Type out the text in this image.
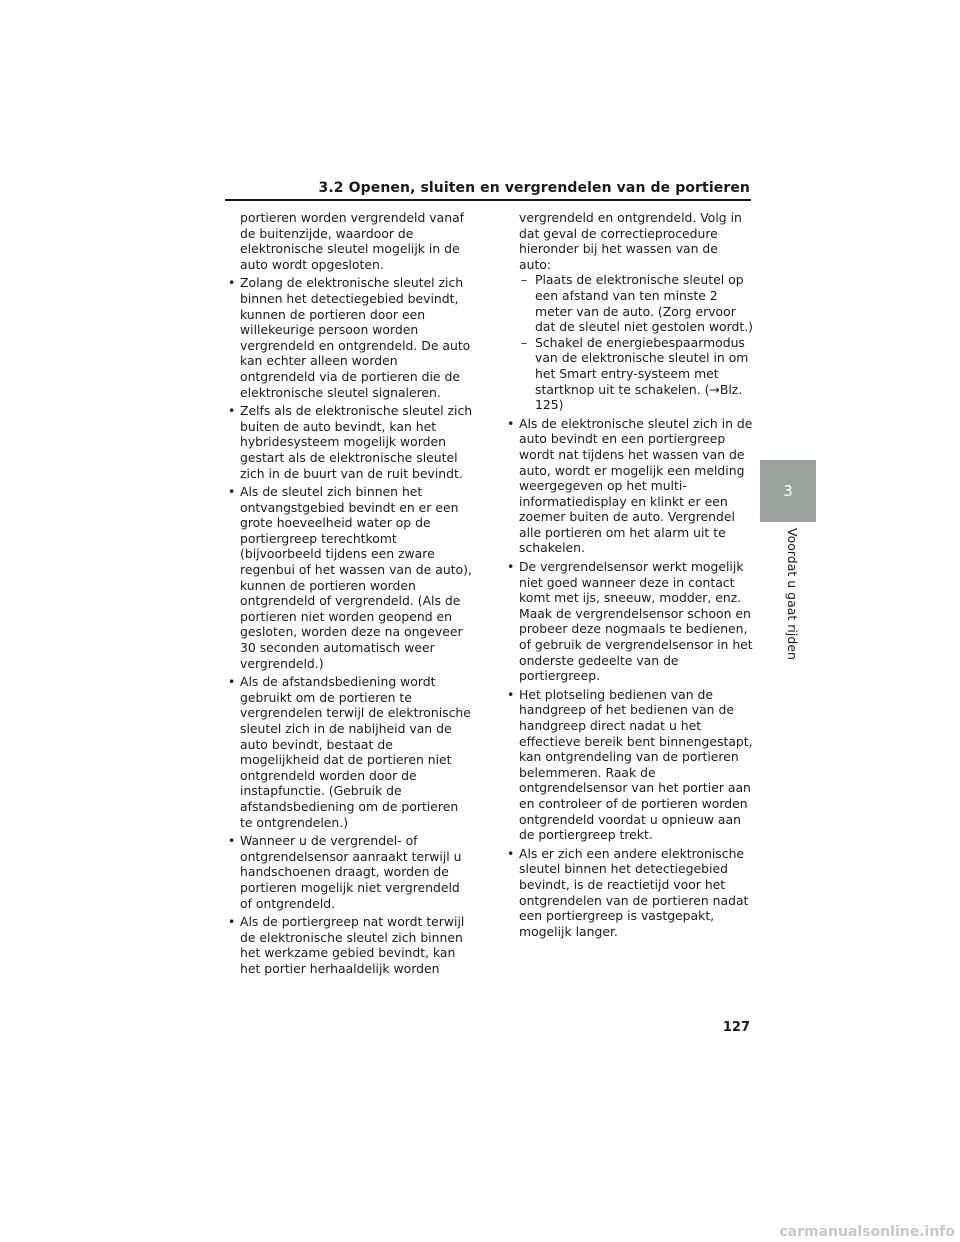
3.2 Openen, sluiten en vergrendelen van de portieren

portieren worden vergrendeld vanaf de buitenzijde, waardoor de elektronische sleutel mogelijk in de auto wordt opgesloten.

• Zolang de elektronische sleutel zich binnen het detectiegebied bevindt, kunnen de portieren door een willekeurige persoon worden vergrendeld en ontgrendeld. De auto kan echter alleen worden ontgrendeld via de portieren die de elektronische sleutel signaleren.
• Zelfs als de elektronische sleutel zich buiten de auto bevindt, kan het hybridesysteem mogelijk worden gestart als de elektronische sleutel zich in de buurt van de ruit bevindt.
• Als de sleutel zich binnen het ontvangstgebied bevindt en er een grote hoeveelheid water op de portiergreep terechtkomt (bijvoorbeeld tijdens een zware regenbui of het wassen van de auto), kunnen de portieren worden ontgrendeld of vergrendeld. (Als de portieren niet worden geopend en gesloten, worden deze na ongeveer 30 seconden automatisch weer vergrendeld.)
• Als de afstandsbediening wordt gebruikt om de portieren te vergrendelen terwijl de elektronische sleutel zich in de nabijheid van de auto bevindt, bestaat de mogelijkheid dat de portieren niet ontgrendeld worden door de instapfunctie. (Gebruik de afstandsbediening om de portieren te ontgrendelen.)
• Wanneer u de vergrendel- of ontgrendelsensor aanraakt terwijl u handschoenen draagt, worden de portieren mogelijk niet vergrendeld of ontgrendeld.
• Als de portiergreep nat wordt terwijl de elektronische sleutel zich binnen het werkzame gebied bevindt, kan het portier herhaaldelijk worden

vergrendeld en ontgrendeld. Volg in dat geval de correctieprocedure hieronder bij het wassen van de auto:

– Plaats de elektronische sleutel op een afstand van ten minste 2 meter van de auto. (Zorg ervoor dat de sleutel niet gestolen wordt.)
– Schakel de energiebespaarmodus van de elektronische sleutel in om het Smart entry-systeem met startknop uit te schakelen. (→Blz. 125)
• Als de elektronische sleutel zich in de auto bevindt en een portiergreep wordt nat tijdens het wassen van de auto, wordt er mogelijk een melding weergegeven op het multi-informatiedisplay en klinkt er een zoemer buiten de auto. Vergrendel alle portieren om het alarm uit te schakelen.
• De vergrendelsensor werkt mogelijk niet goed wanneer deze in contact komt met ijs, sneeuw, modder, enz. Maak de vergrendelsensor schoon en probeer deze nogmaals te bedienen, of gebruik de vergrendelsensor in het onderste gedeelte van de portiergreep.
• Het plotseling bedienen van de handgreep of het bedienen van de handgreep direct nadat u het effectieve bereik bent binnengestapt, kan ontgrendeling van de portieren belemmeren. Raak de ontgrendelsensor van het portier aan en controleer of de portieren worden ontgrendeld voordat u opnieuw aan de portiergreep trekt.
• Als er zich een andere elektronische sleutel binnen het detectiegebied bevindt, is de reactietijd voor het ontgrendelen van de portieren nadat een portiergreep is vastgepakt, mogelijk langer.
3
Voordat u gaat rijden
127
carmanualsonline.info
